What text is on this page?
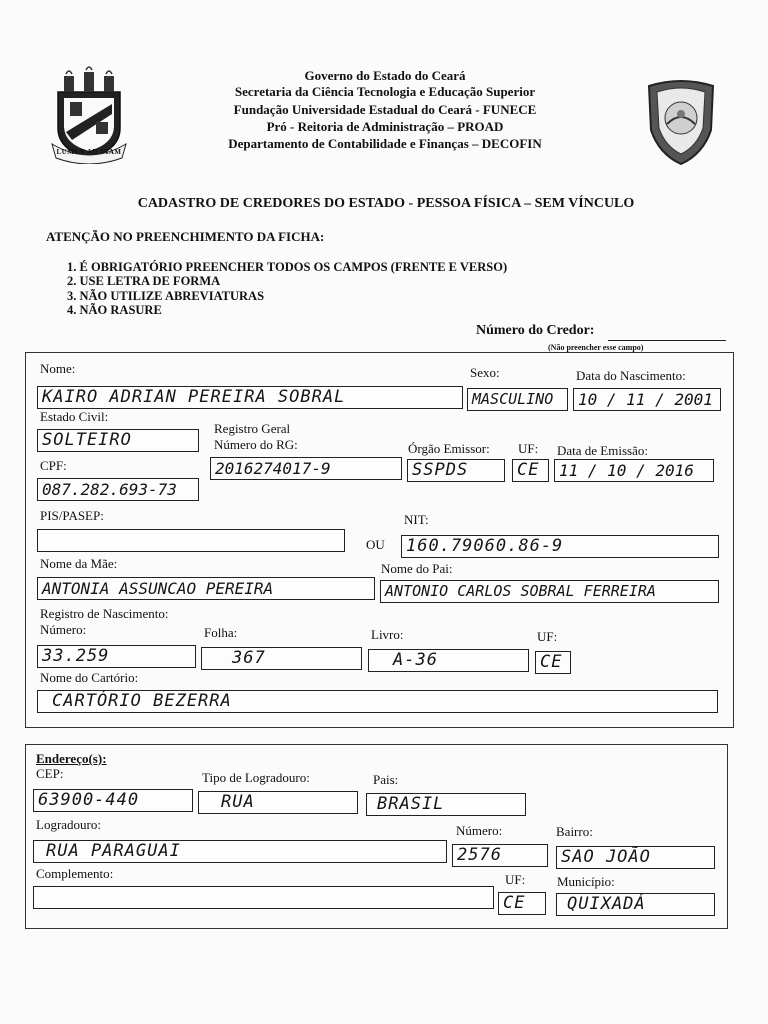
LUMEN AD VIAM
Governo do Estado do Ceará
Secretaria da Ciência Tecnologia e Educação Superior
Fundação Universidade Estadual do Ceará - FUNECE
Pró - Reitoria de Administração – PROAD
Departamento de Contabilidade e Finanças – DECOFIN
CADASTRO DE CREDORES DO ESTADO - PESSOA FÍSICA – SEM VÍNCULO
ATENÇÃO NO PREENCHIMENTO DA FICHA:
1. É OBRIGATÓRIO PREENCHER TODOS OS CAMPOS (FRENTE E VERSO)
2. USE LETRA DE FORMA
3. NÃO UTILIZE ABREVIATURAS
4. NÃO RASURE
Número do Credor:
(Não preencher esse campo)
Nome:
KAIRO ADRIAN PEREIRA SOBRAL
Sexo:
MASCULINO
Data do Nascimento:
10 / 11 / 2001
Estado Civil:
SOLTEIRO
Registro Geral
Número do RG:
2016274017-9
Órgão Emissor:
SSPDS
UF:
CE
Data de Emissão:
11 / 10 / 2016
CPF:
087.282.693-73
PIS/PASEP:
OU
NIT:
160.79060.86-9
Nome da Mãe:
ANTONIA ASSUNCAO PEREIRA
Nome do Pai:
ANTONIO CARLOS SOBRAL FERREIRA
Registro de Nascimento:
Número:
33.259
Folha:
367
Livro:
A-36
UF:
CE
Nome do Cartório:
CARTÓRIO BEZERRA
Endereço(s):
CEP:
63900-440
Tipo de Logradouro:
RUA
Pais:
BRASIL
Logradouro:
RUA PARAGUAI
Número:
2576
Bairro:
SAO JOÃO
Complemento:	UF:
CE
Município:
QUIXADÁ
